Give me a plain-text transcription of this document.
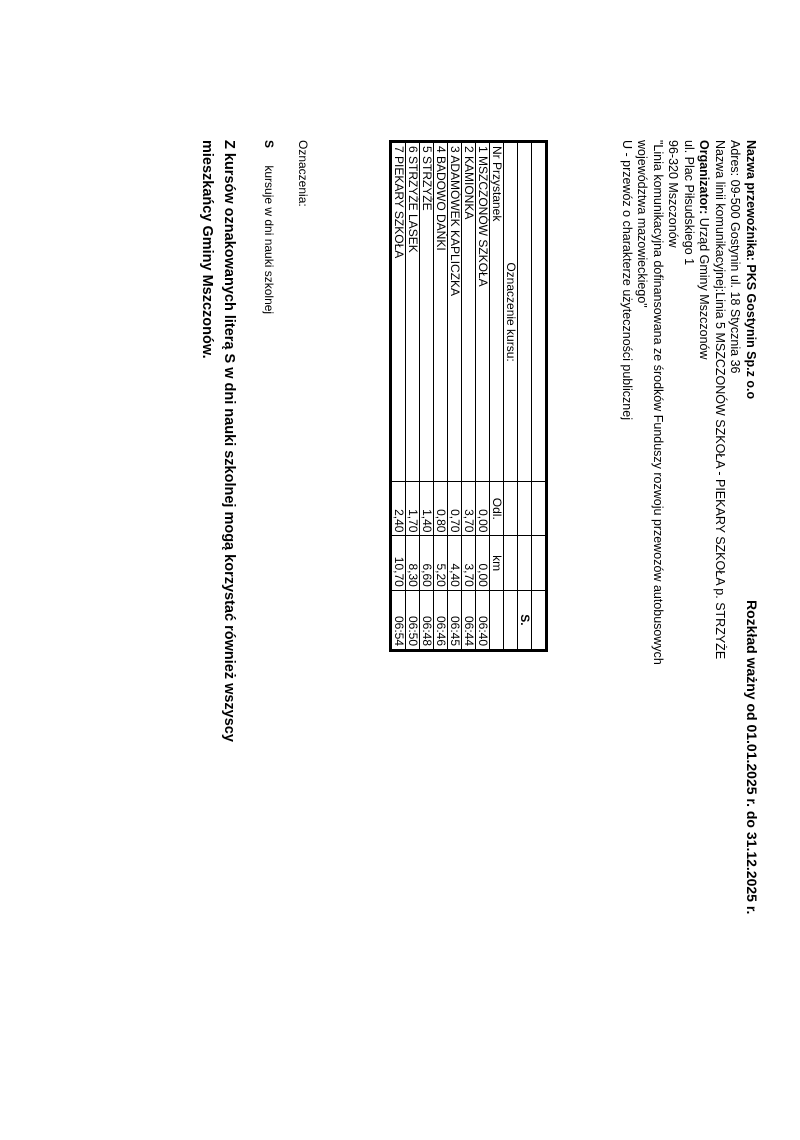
Nazwa przewoźnika: PKS Gostynin Sp.z o.o
Adres: 09-500 Gostynin ul. 18 Stycznia 36
Nazwa linii komunikacyjnej:Linia 5 MSZCZONÓW SZKOŁA - PIEKARY SZKOŁA p. STRZYŻE
Organizator: Urząd Gminy Mszczonów
ul. Plac Piłsudskiego 1
96-320 Mszczonów
"Linia komunikacyjna dofinansowana ze środków Funduszy rozwoju przewozów autobusowych
województwa mazowieckiego"
U - przewóz o charakterze użyteczności publicznej
Rozkład ważny od 01.01.2025 r. do 31.12.2025 r.

			S.
Oznaczenie kursu:			
Nr Przystanek	Odl.	km	
1 MSZCZONÓW SZKOŁA	0,00	0,00	06:40
2 KAMIONKA	3,70	3,70	06:44
3 ADAMÓWEK KAPLICZKA	0,70	4,40	06:45
4 BADOWO DAŃKI	0,80	5,20	06:46
5 STRZYŻE	1,40	6,60	06:48
6 STRZYŻE LASEK	1,70	8,30	06:50
7 PIEKARY SZKOŁA	2,40	10,70	06:54
Oznaczenia:
S kursuje w dni nauki szkolnej
Z kursów oznakowanych literą S w dni nauki szkolnej mogą korzystać również wszyscy
mieszkańcy Gminy Mszczonów.
